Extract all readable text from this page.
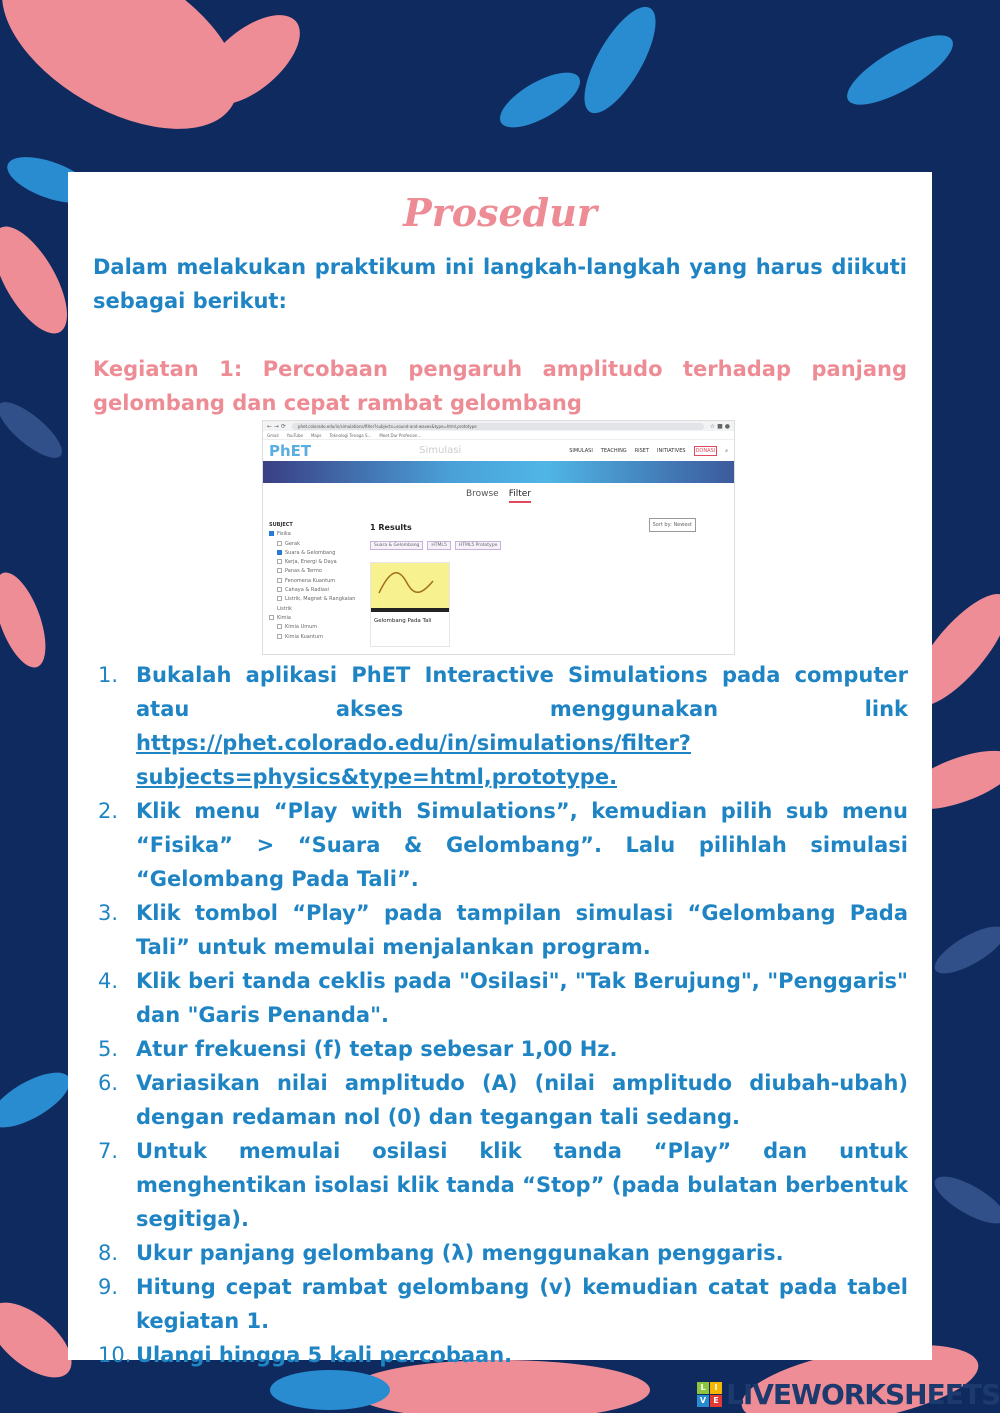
Prosedur

Dalam melakukan praktikum ini langkah-langkah yang harus diikuti sebagai berikut:

Kegiatan 1: Percobaan pengaruh amplitudo terhadap panjang gelombang dan cepat rambat gelombang

← → ⟳	phet.colorado.edu/in/simulations/filter?subjects=sound-and-waves&type=html,prototype	☆ ■ ●
Gmail YouTube Maps Teknologi Tenaga S... Meet Dur Profesion...
PhET	Simulasi	SIMULASI TEACHING RISET INITIATIVES	DONASI	⌕
Browse Filter
SUBJECT
Fisika
Gerak
Suara & Gelombang
Kerja, Energi & Daya
Panas & Termo
Fenomena Kuantum
Cahaya & Radiasi
Listrik, Magnet & Rangkaian Listrik
Kimia
Kimia Umum
Kimia Kuantum
1 Results	Sort by: Newest
Suara & Gelombang	HTML5	HTML5 Prototype
Gelombang Pada Tali
1. Bukalah aplikasi PhET Interactive Simulations pada computer atau akses menggunakan link
https://phet.colorado.edu/in/simulations/filter?subjects=physics&type=html,prototype.
2. Klik menu “Play with Simulations”, kemudian pilih sub menu “Fisika” > “Suara & Gelombang”. Lalu pilihlah simulasi “Gelombang Pada Tali”.
3. Klik tombol “Play” pada tampilan simulasi “Gelombang Pada Tali” untuk memulai menjalankan program.
4. Klik beri tanda ceklis pada "Osilasi", "Tak Berujung", "Penggaris" dan "Garis Penanda".
5. Atur frekuensi (f) tetap sebesar 1,00 Hz.
6. Variasikan nilai amplitudo (A) (nilai amplitudo diubah-ubah) dengan redaman nol (0) dan tegangan tali sedang.
7. Untuk memulai osilasi klik tanda “Play” dan untuk menghentikan isolasi klik tanda “Stop” (pada bulatan berbentuk segitiga).
8. Ukur panjang gelombang (λ) menggunakan penggaris.
9. Hitung cepat rambat gelombang (v) kemudian catat pada tabel kegiatan 1.
10. Ulangi hingga 5 kali percobaan.
L	I
V E LIVEWORKSHEETS
